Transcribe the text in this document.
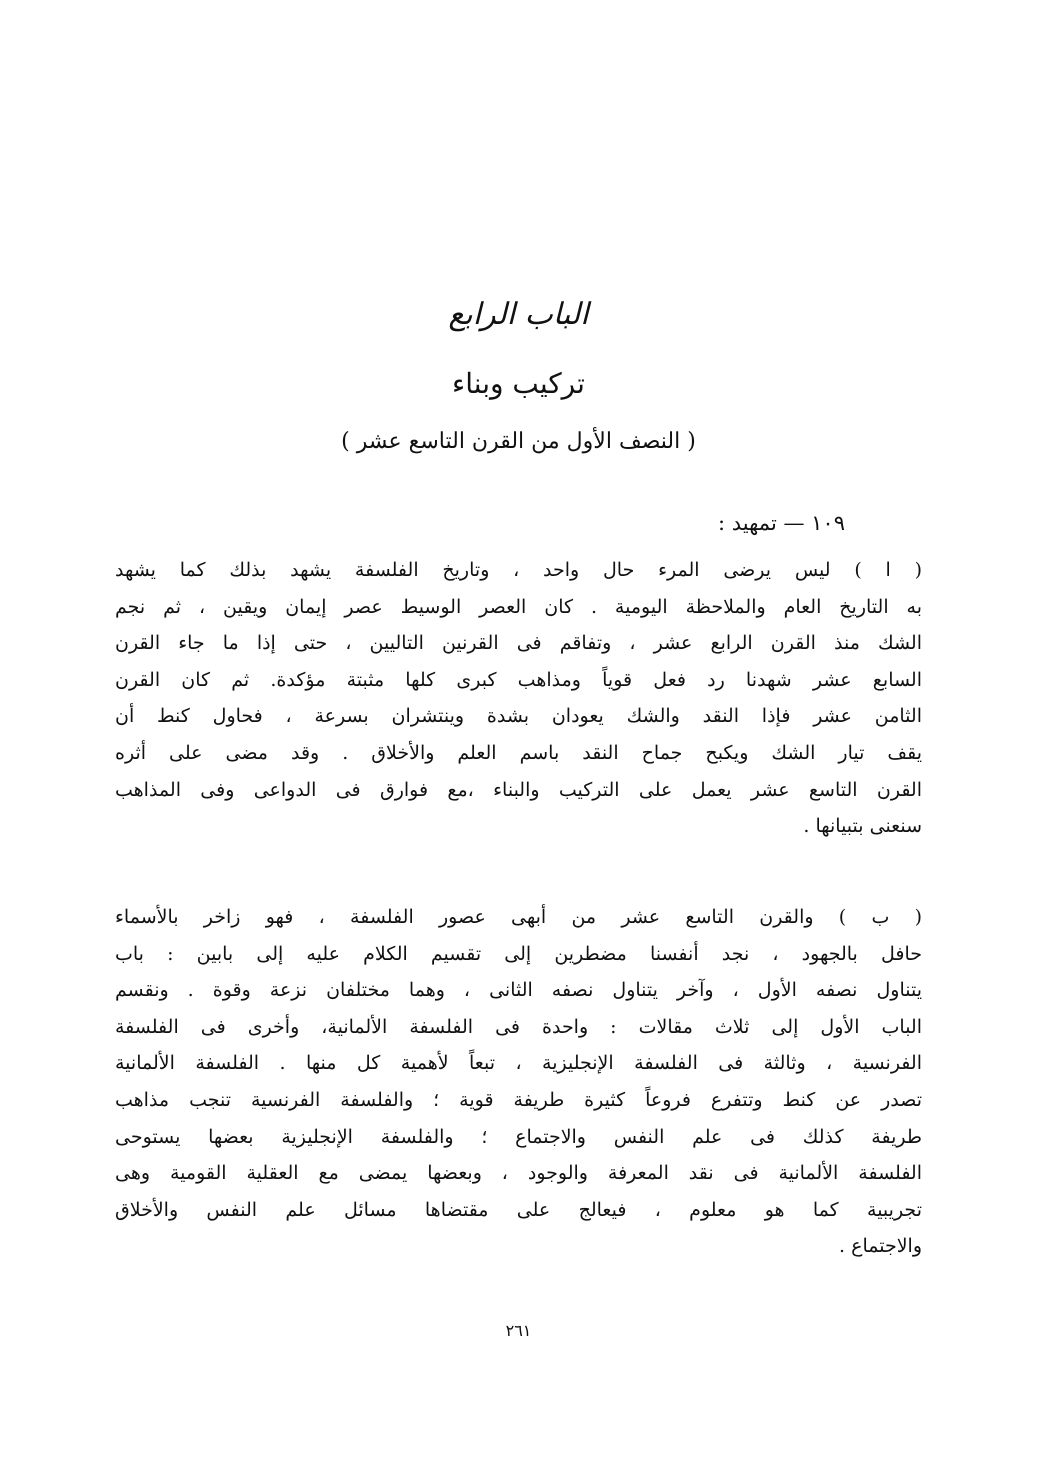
الباب الرابع
تركيب وبناء
( النصف الأول من القرن التاسع عشر )
١٠٩ — تمهيد :
( ا ) ليس يرضى المرء حال واحد ، وتاريخ الفلسفة يشهد بذلك كما يشهد
به التاريخ العام والملاحظة اليومية . كان العصر الوسيط عصر إيمان ويقين ، ثم نجم
الشك منذ القرن الرابع عشر ، وتفاقم فى القرنين التاليين ، حتى إذا ما جاء القرن
السابع عشر شهدنا رد فعل قوياً ومذاهب كبرى كلها مثبتة مؤكدة. ثم كان القرن
الثامن عشر فإذا النقد والشك يعودان بشدة وينتشران بسرعة ، فحاول كنط أن
يقف تيار الشك ويكبح جماح النقد باسم العلم والأخلاق . وقد مضى على أثره
القرن التاسع عشر يعمل على التركيب والبناء ،مع فوارق فى الدواعى وفى المذاهب
سنعنى بتبيانها .
( ب ) والقرن التاسع عشر من أبهى عصور الفلسفة ، فهو زاخر بالأسماء
حافل بالجهود ، نجد أنفسنا مضطرين إلى تقسيم الكلام عليه إلى بابين : باب
يتناول نصفه الأول ، وآخر يتناول نصفه الثانى ، وهما مختلفان نزعة وقوة . ونقسم
الباب الأول إلى ثلاث مقالات : واحدة فى الفلسفة الألمانية، وأخرى فى الفلسفة
الفرنسية ، وثالثة فى الفلسفة الإنجليزية ، تبعاً لأهمية كل منها . الفلسفة الألمانية
تصدر عن كنط وتتفرع فروعاً كثيرة طريفة قوية ؛ والفلسفة الفرنسية تنجب مذاهب
طريفة كذلك فى علم النفس والاجتماع ؛ والفلسفة الإنجليزية بعضها يستوحى
الفلسفة الألمانية فى نقد المعرفة والوجود ، وبعضها يمضى مع العقلية القومية وهى
تجريبية كما هو معلوم ، فيعالج على مقتضاها مسائل علم النفس والأخلاق
والاجتماع .
٢٦١
